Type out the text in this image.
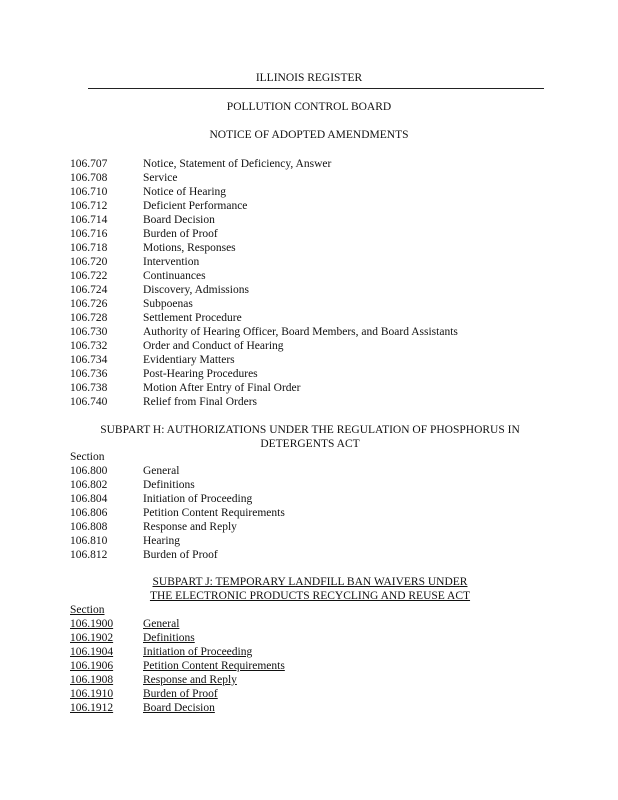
ILLINOIS REGISTER
POLLUTION CONTROL BOARD
NOTICE OF ADOPTED AMENDMENTS
106.707	Notice, Statement of Deficiency, Answer
106.708	Service
106.710	Notice of Hearing
106.712	Deficient Performance
106.714	Board Decision
106.716	Burden of Proof
106.718	Motions, Responses
106.720	Intervention
106.722	Continuances
106.724	Discovery, Admissions
106.726	Subpoenas
106.728	Settlement Procedure
106.730	Authority of Hearing Officer, Board Members, and Board Assistants
106.732	Order and Conduct of Hearing
106.734	Evidentiary Matters
106.736	Post-Hearing Procedures
106.738	Motion After Entry of Final Order
106.740	Relief from Final Orders
SUBPART H: AUTHORIZATIONS UNDER THE REGULATION OF PHOSPHORUS IN
DETERGENTS ACT
Section
106.800	General
106.802	Definitions
106.804	Initiation of Proceeding
106.806	Petition Content Requirements
106.808	Response and Reply
106.810	Hearing
106.812	Burden of Proof
SUBPART J: TEMPORARY LANDFILL BAN WAIVERS UNDER
THE ELECTRONIC PRODUCTS RECYCLING AND REUSE ACT
Section
106.1900	General
106.1902	Definitions
106.1904	Initiation of Proceeding
106.1906	Petition Content Requirements
106.1908	Response and Reply
106.1910	Burden of Proof
106.1912	Board Decision
